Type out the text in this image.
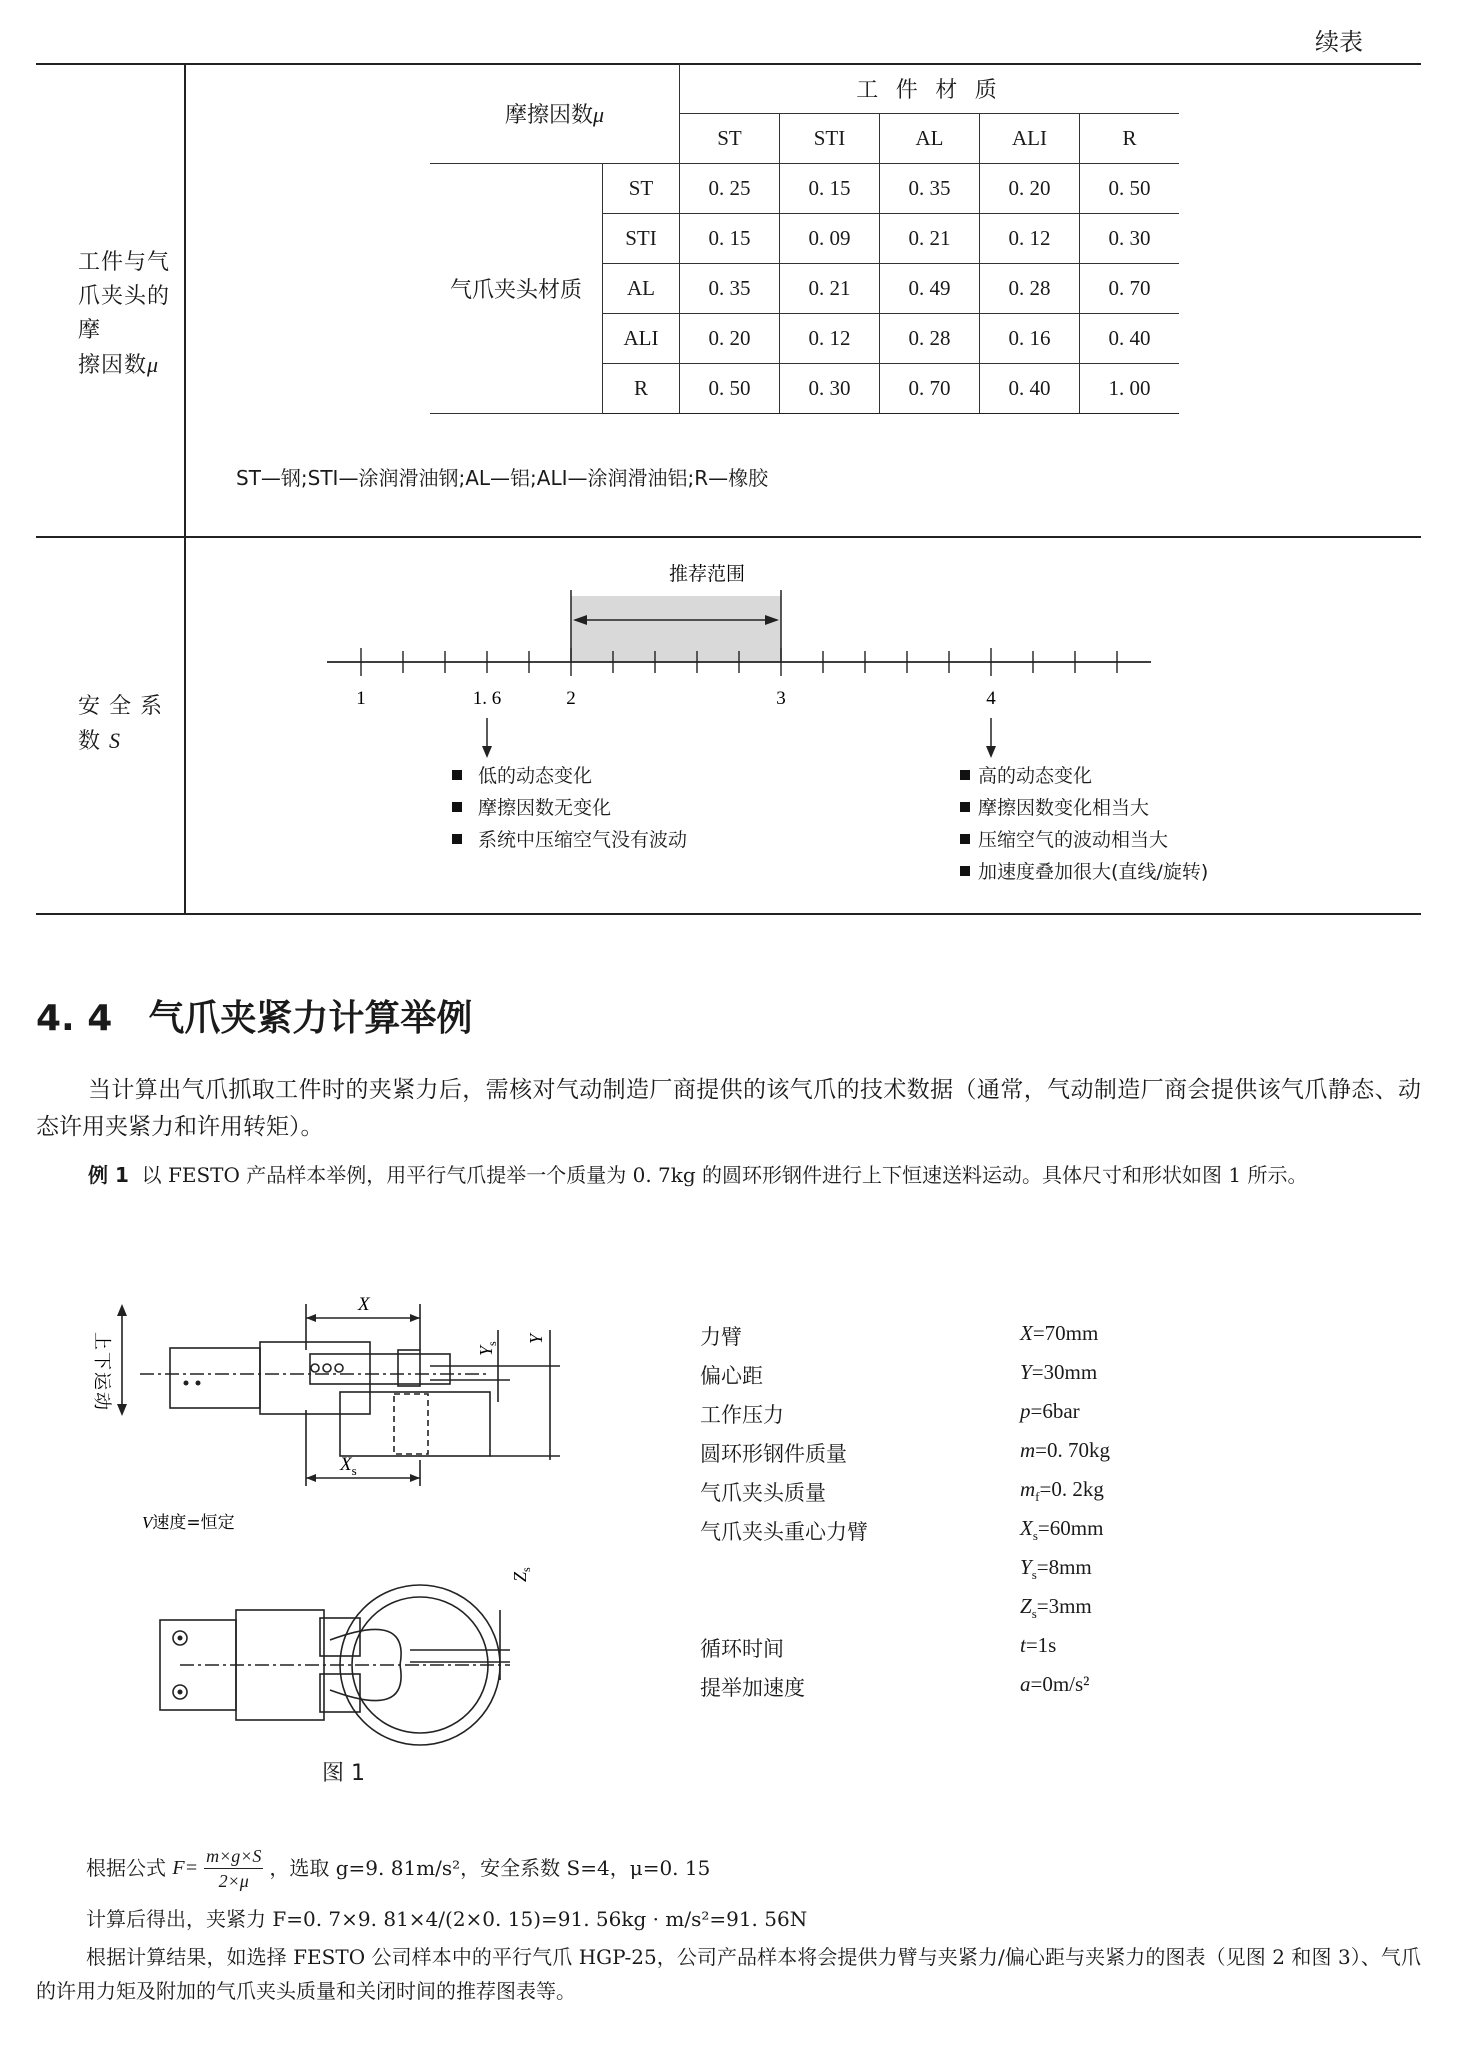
续表
工件与气
爪夹头的摩
擦因数μ
摩擦因数μ		工 件 材 质				
		ST	STI	AL	ALI	R
气爪夹头材质	ST	0. 25	0. 15	0. 35	0. 20	0. 50
	STI	0. 15	0. 09	0. 21	0. 12	0. 30
	AL	0. 35	0. 21	0. 49	0. 28	0. 70
	ALI	0. 20	0. 12	0. 28	0. 16	0. 40
	R	0. 50	0. 30	0. 70	0. 40	1. 00
ST—钢;STI—涂润滑油钢;AL—铝;ALI—涂润滑油铝;R—橡胶
安 全 系
数 S
1	1. 6	2	3	4
推荐范围
低的动态变化
摩擦因数无变化
系统中压缩空气没有波动
高的动态变化
摩擦因数变化相当大
压缩空气的波动相当大
加速度叠加很大(直线/旋转)
4. 4 气爪夹紧力计算举例
当计算出气爪抓取工件时的夹紧力后，需核对气动制造厂商提供的该气爪的技术数据（通常，气动制造厂商会提供该气爪静态、动态许用夹紧力和许用转矩）。
例 1 以 FESTO 产品样本举例，用平行气爪提举一个质量为 0. 7kg 的圆环形钢件进行上下恒速送料运动。具体尺寸和形状如图 1 所示。
X
$X_s$
$Y_s$ Y
$Z_s$
上下运动
V速度=恒定
图 1
力臂	X=70mm
偏心距	Y=30mm
工作压力	p=6bar
圆环形钢件质量	m=0. 70kg
气爪夹头质量	$m_f=0$. 2kg
气爪夹头重心力臂	$X_s=60mm$
$Y_s=8mm$
$Z_s=3mm$
循环时间	t=1s
提举加速度	a=0m/s²
根据公式
$F= \frac{m\times g\times S}{2\times\mu}$ ，选取 g=9. 81m/s²，安全系数 S=4，μ=0. 15
计算后得出，夹紧力 F=0. 7×9. 81×4/(2×0. 15)=91. 56kg · m/s²=91. 56N
根据计算结果，如选择 FESTO 公司样本中的平行气爪 HGP-25，公司产品样本将会提供力臂与夹紧力/偏心距与夹紧力的图表（见图 2 和图 3）、气爪的许用力矩及附加的气爪夹头质量和关闭时间的推荐图表等。
